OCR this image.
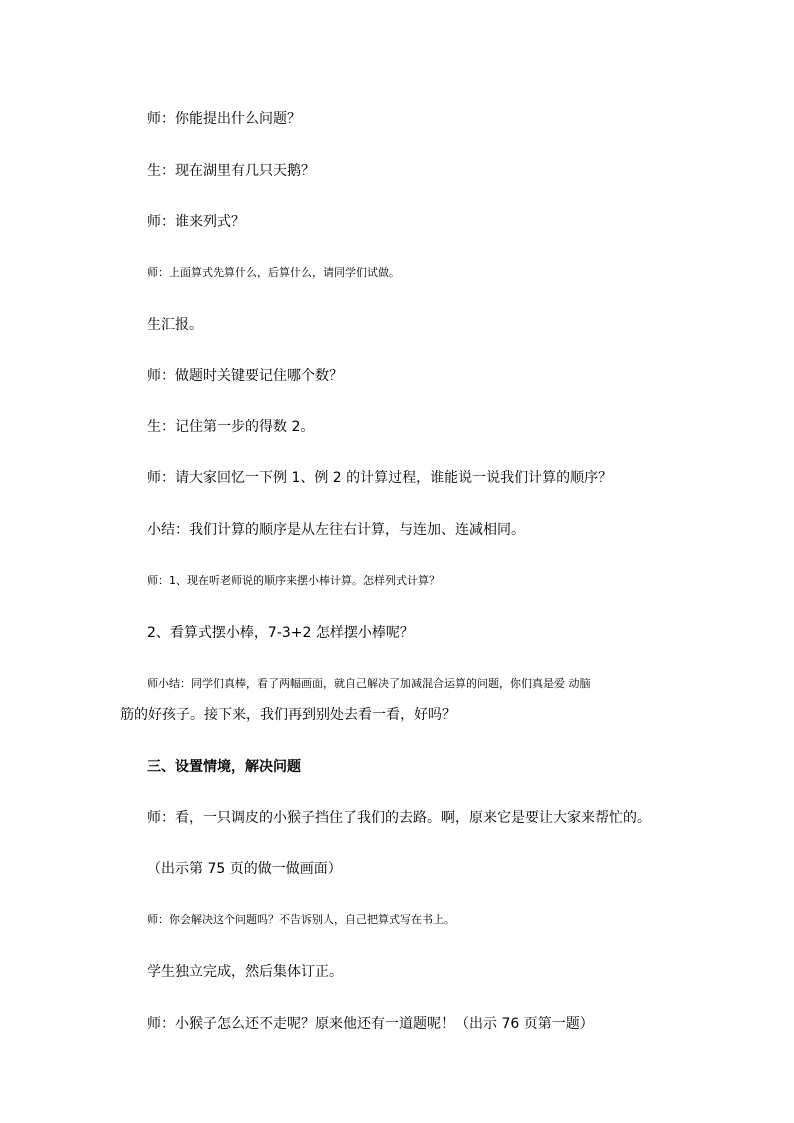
师：你能提出什么问题？
生：现在湖里有几只天鹅？
师：谁来列式？
师：上面算式先算什么，后算什么，请同学们试做。
生汇报。
师：做题时关键要记住哪个数？
生：记住第一步的得数 2。
师：请大家回忆一下例 1、例 2 的计算过程，谁能说一说我们计算的顺序？
小结：我们计算的顺序是从左往右计算，与连加、连减相同。
师：1、现在听老师说的顺序来摆小棒计算。怎样列式计算？
2、看算式摆小棒，7-3+2 怎样摆小棒呢？
师小结：同学们真棒，看了两幅画面，就自己解决了加减混合运算的问题，你们真是爱 动脑
筋的好孩子。接下来，我们再到别处去看一看，好吗？
三、设置情境，解决问题
师：看，一只调皮的小猴子挡住了我们的去路。啊，原来它是要让大家来帮忙的。
（出示第 75 页的做一做画面）
师：你会解决这个问题吗？不告诉别人，自己把算式写在书上。
学生独立完成，然后集体订正。
师：小猴子怎么还不走呢？原来他还有一道题呢！（出示 76 页第一题）
